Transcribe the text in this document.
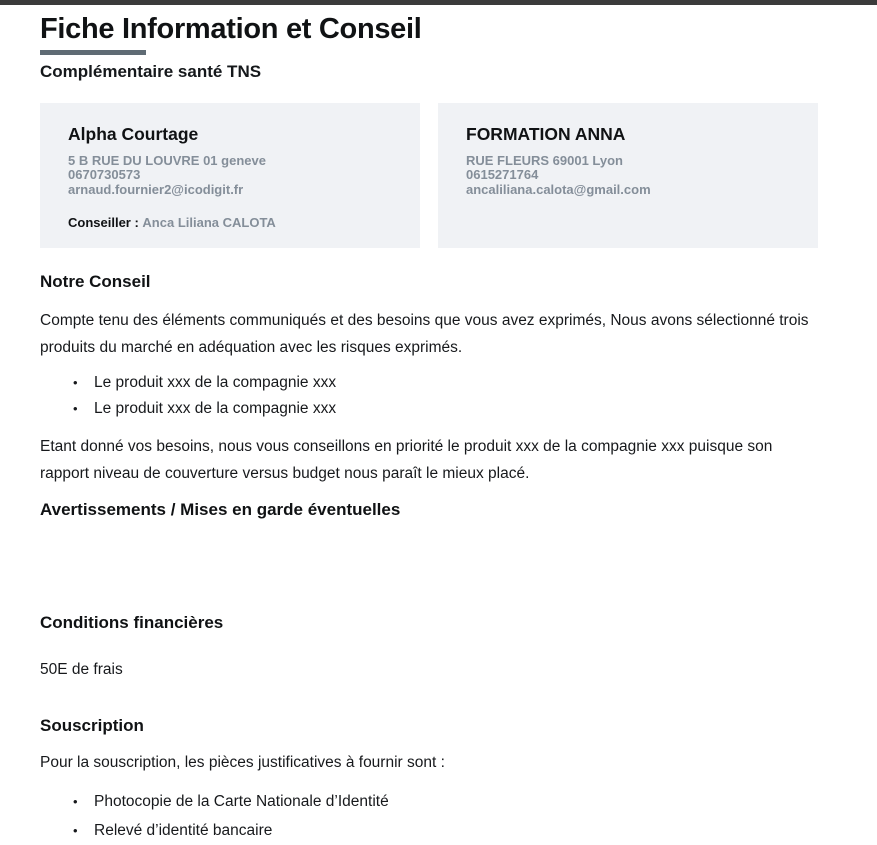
Fiche Information et Conseil
Complémentaire santé TNS
Alpha Courtage
5 B RUE DU LOUVRE 01 geneve
0670730573
arnaud.fournier2@icodigit.fr
Conseiller : Anca Liliana CALOTA
FORMATION ANNA
RUE FLEURS 69001 Lyon
0615271764
ancaliliana.calota@gmail.com
Notre Conseil

Compte tenu des éléments communiqués et des besoins que vous avez exprimés, Nous avons sélectionné trois produits du marché en adéquation avec les risques exprimés.

•	Le produit xxx de la compagnie xxx
•	Le produit xxx de la compagnie xxx

Etant donné vos besoins, nous vous conseillons en priorité le produit xxx de la compagnie xxx puisque son rapport niveau de couverture versus budget nous paraît le mieux placé.

Avertissements / Mises en garde éventuelles
Conditions financières

50E de frais

Souscription

Pour la souscription, les pièces justificatives à fournir sont :

•	Photocopie de la Carte Nationale d’Identité
•	Relevé d’identité bancaire
